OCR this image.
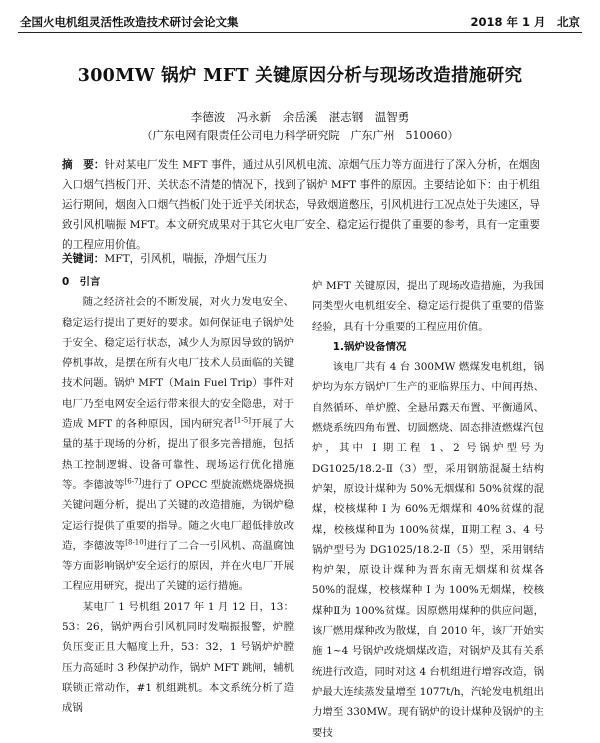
全国火电机组灵活性改造技术研讨会论文集	2018 年 1 月　北京
300MW 锅炉 MFT 关键原因分析与现场改造措施研究
李德波　冯永新　余岳溪　湛志钢　温智勇
（广东电网有限责任公司电力科学研究院　广东广州　510060）
摘　要：针对某电厂发生 MFT 事件，通过从引风机电流、凉烟气压力等方面进行了深入分析，在烟囱入口烟气挡板门开、关状态不清楚的情况下，找到了锅炉 MFT 事件的原因。主要结论如下：由于机组运行期间，烟囱入口烟气挡板门处于近乎关闭状态，导致烟道憋压，引风机进行工况点处于失速区，导致引风机喘振 MFT。本文研究成果对于其它火电厂安全、稳定运行提供了重要的参考，具有一定重要的工程应用价值。
关键词：MFT，引风机，喘振，净烟气压力

0　引言

随之经济社会的不断发展，对火力发电安全、稳定运行提出了更好的要求。如何保证电子锅炉处于安全、稳定运行状态，减少人为原因导致的锅炉停机事故，是摆在所有火电厂技术人员面临的关键技术问题。锅炉 MFT（Main Fuel Trip）事件对电厂乃至电网安全运行带来很大的安全隐患，对于造成 MFT 的各种原因，国内研究者[1-5]开展了大量的基于现场的分析，提出了很多完善措施，包括热工控制逻辑、设备可靠性、现场运行优化措施等。李德波等[6-7]进行了 OPCC 型旋流燃烧器烧损关键问题分析，提出了关键的改造措施，为锅炉稳定运行提供了重要的指导。随之火电厂超低排放改造，李德波等[8-10]进行了二合一引风机、高温腐蚀等方面影响锅炉安全运行的原因，并在火电厂开展工程应用研究，提出了关键的运行措施。

某电厂 1 号机组 2017 年 1 月 12 日，13：53：26，锅炉两台引风机同时发喘振报警，炉膛负压变正且大幅度上升，53：32，1 号锅炉炉膛压力高延时 3 秒保护动作，锅炉 MFT 跳闸，辅机联锁正常动作，#1 机组跳机。本文系统分析了造成锅

炉 MFT 关键原因，提出了现场改造措施，为我国同类型火电机组安全、稳定运行提供了重要的借鉴经验，具有十分重要的工程应用价值。

1.锅炉设备情况

该电厂共有 4 台 300MW 燃煤发电机组，锅炉均为东方锅炉厂生产的亚临界压力、中间再热、自然循环、单炉膛、全悬吊露天布置、平衡通风、燃烧系统四角布置、切圆燃烧、固态排渣燃煤汽包炉，其中 I 期工程 1、2 号锅炉型号为 DG1025/18.2-Ⅱ（3）型，采用钢筋混凝土结构炉架，原设计煤种为 50%无烟煤和 50%贫煤的混煤，校核煤种 I 为 60%无烟煤和 40%贫煤的混煤，校核煤种Ⅱ为 100%贫煤，Ⅱ期工程 3、4 号锅炉型号为 DG1025/18.2-Ⅱ（5）型，采用钢结构炉架，原设计煤种为晋东南无烟煤和贫煤各 50%的混煤，校核煤种 I 为 100%无烟煤，校核煤种Ⅱ为 100%贫煤。因原燃用煤种的供应问题，该厂燃用煤种改为散煤，自 2010 年，该厂开始实施 1~4 号锅炉改烧烟煤改造，对锅炉及其有关系统进行改造，同时对这 4 台机组进行增容改造，锅炉最大连续蒸发量增至 1077t/h，汽轮发电机组出力增至 330MW。现有锅炉的设计煤种及锅炉的主要技
